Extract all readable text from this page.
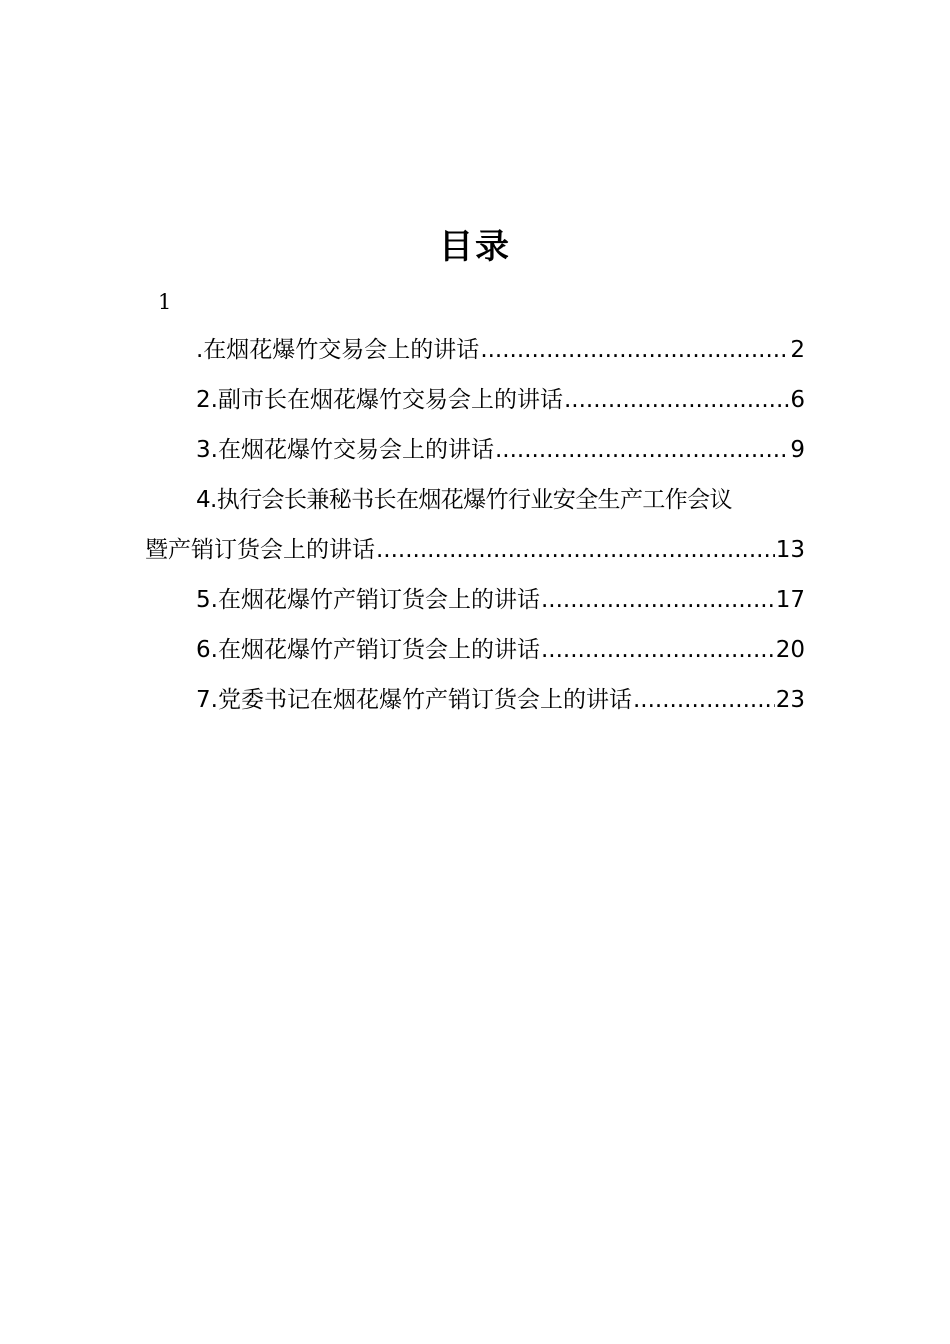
目录
1
.在烟花爆竹交易会上的讲话 .....	2
2.副市长在烟花爆竹交易会上的讲话 .....	6
3.在烟花爆竹交易会上的讲话 .....	9
4.执行会长兼秘书长在烟花爆竹行业安全生产工作会议
暨产销订货会上的讲话 .....	13
5.在烟花爆竹产销订货会上的讲话 .....	17
6.在烟花爆竹产销订货会上的讲话 .....	20
7.党委书记在烟花爆竹产销订货会上的讲话 .....	23
